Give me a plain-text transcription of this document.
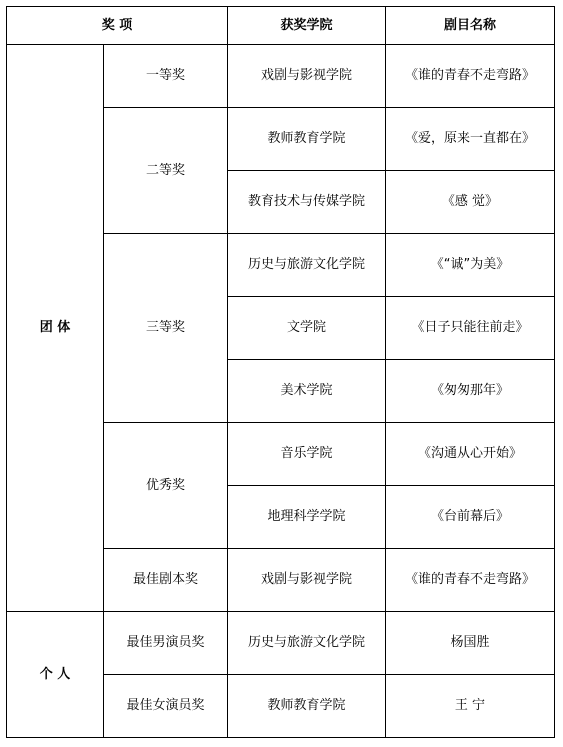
奖 项		获奖学院	剧目名称
团 体	一等奖	戏剧与影视学院	《谁的青春不走弯路》
	二等奖	教师教育学院	《爱，原来一直都在》
		教育技术与传媒学院	《感 觉》
	三等奖	历史与旅游文化学院	《“诚”为美》
		文学院	《日子只能往前走》
		美术学院	《匆匆那年》
	优秀奖	音乐学院	《沟通从心开始》
		地理科学学院	《台前幕后》
	最佳剧本奖	戏剧与影视学院	《谁的青春不走弯路》
个 人	最佳男演员奖	历史与旅游文化学院	杨国胜
	最佳女演员奖	教师教育学院	王 宁
